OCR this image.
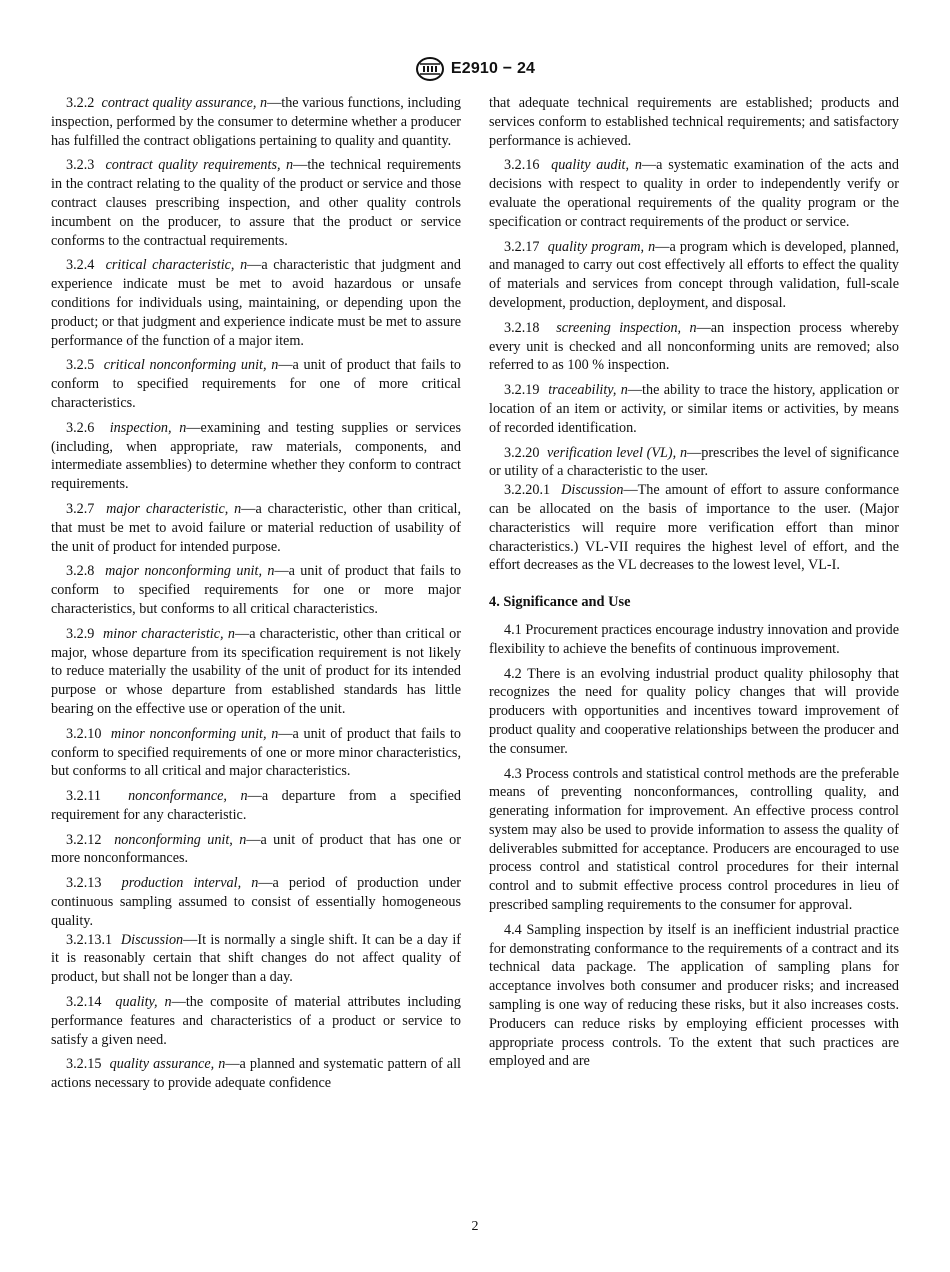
E2910 − 24

3.2.2 contract quality assurance, n—the various functions, including inspection, performed by the consumer to determine whether a producer has fulfilled the contract obligations pertaining to quality and quantity.

3.2.3 contract quality requirements, n—the technical requirements in the contract relating to the quality of the product or service and those contract clauses prescribing inspection, and other quality controls incumbent on the producer, to assure that the product or service conforms to the contractual requirements.

3.2.4 critical characteristic, n—a characteristic that judgment and experience indicate must be met to avoid hazardous or unsafe conditions for individuals using, maintaining, or depending upon the product; or that judgment and experience indicate must be met to assure performance of the function of a major item.

3.2.5 critical nonconforming unit, n—a unit of product that fails to conform to specified requirements for one of more critical characteristics.

3.2.6 inspection, n—examining and testing supplies or services (including, when appropriate, raw materials, components, and intermediate assemblies) to determine whether they conform to contract requirements.

3.2.7 major characteristic, n—a characteristic, other than critical, that must be met to avoid failure or material reduction of usability of the unit of product for intended purpose.

3.2.8 major nonconforming unit, n—a unit of product that fails to conform to specified requirements for one or more major characteristics, but conforms to all critical characteristics.

3.2.9 minor characteristic, n—a characteristic, other than critical or major, whose departure from its specification requirement is not likely to reduce materially the usability of the unit of product for its intended purpose or whose departure from established standards has little bearing on the effective use or operation of the unit.

3.2.10 minor nonconforming unit, n—a unit of product that fails to conform to specified requirements of one or more minor characteristics, but conforms to all critical and major characteristics.

3.2.11 nonconformance, n—a departure from a specified requirement for any characteristic.

3.2.12 nonconforming unit, n—a unit of product that has one or more nonconformances.

3.2.13 production interval, n—a period of production under continuous sampling assumed to consist of essentially homogeneous quality.

3.2.13.1 Discussion—It is normally a single shift. It can be a day if it is reasonably certain that shift changes do not affect quality of product, but shall not be longer than a day.

3.2.14 quality, n—the composite of material attributes including performance features and characteristics of a product or service to satisfy a given need.

3.2.15 quality assurance, n—a planned and systematic pattern of all actions necessary to provide adequate confidence

that adequate technical requirements are established; products and services conform to established technical requirements; and satisfactory performance is achieved.

3.2.16 quality audit, n—a systematic examination of the acts and decisions with respect to quality in order to independently verify or evaluate the operational requirements of the quality program or the specification or contract requirements of the product or service.

3.2.17 quality program, n—a program which is developed, planned, and managed to carry out cost effectively all efforts to effect the quality of materials and services from concept through validation, full-scale development, production, deployment, and disposal.

3.2.18 screening inspection, n—an inspection process whereby every unit is checked and all nonconforming units are removed; also referred to as 100 % inspection.

3.2.19 traceability, n—the ability to trace the history, application or location of an item or activity, or similar items or activities, by means of recorded identification.

3.2.20 verification level (VL), n—prescribes the level of significance or utility of a characteristic to the user.

3.2.20.1 Discussion—The amount of effort to assure conformance can be allocated on the basis of importance to the user. (Major characteristics will require more verification effort than minor characteristics.) VL-VII requires the highest level of effort, and the effort decreases as the VL decreases to the lowest level, VL-I.

4. Significance and Use

4.1 Procurement practices encourage industry innovation and provide flexibility to achieve the benefits of continuous improvement.

4.2 There is an evolving industrial product quality philosophy that recognizes the need for quality policy changes that will provide producers with opportunities and incentives toward improvement of product quality and cooperative relationships between the producer and the consumer.

4.3 Process controls and statistical control methods are the preferable means of preventing nonconformances, controlling quality, and generating information for improvement. An effective process control system may also be used to provide information to assess the quality of deliverables submitted for acceptance. Producers are encouraged to use process control and statistical control procedures for their internal control and to submit effective process control procedures in lieu of prescribed sampling requirements to the consumer for approval.

4.4 Sampling inspection by itself is an inefficient industrial practice for demonstrating conformance to the requirements of a contract and its technical data package. The application of sampling plans for acceptance involves both consumer and producer risks; and increased sampling is one way of reducing these risks, but it also increases costs. Producers can reduce risks by employing efficient processes with appropriate process controls. To the extent that such practices are employed and are

2
